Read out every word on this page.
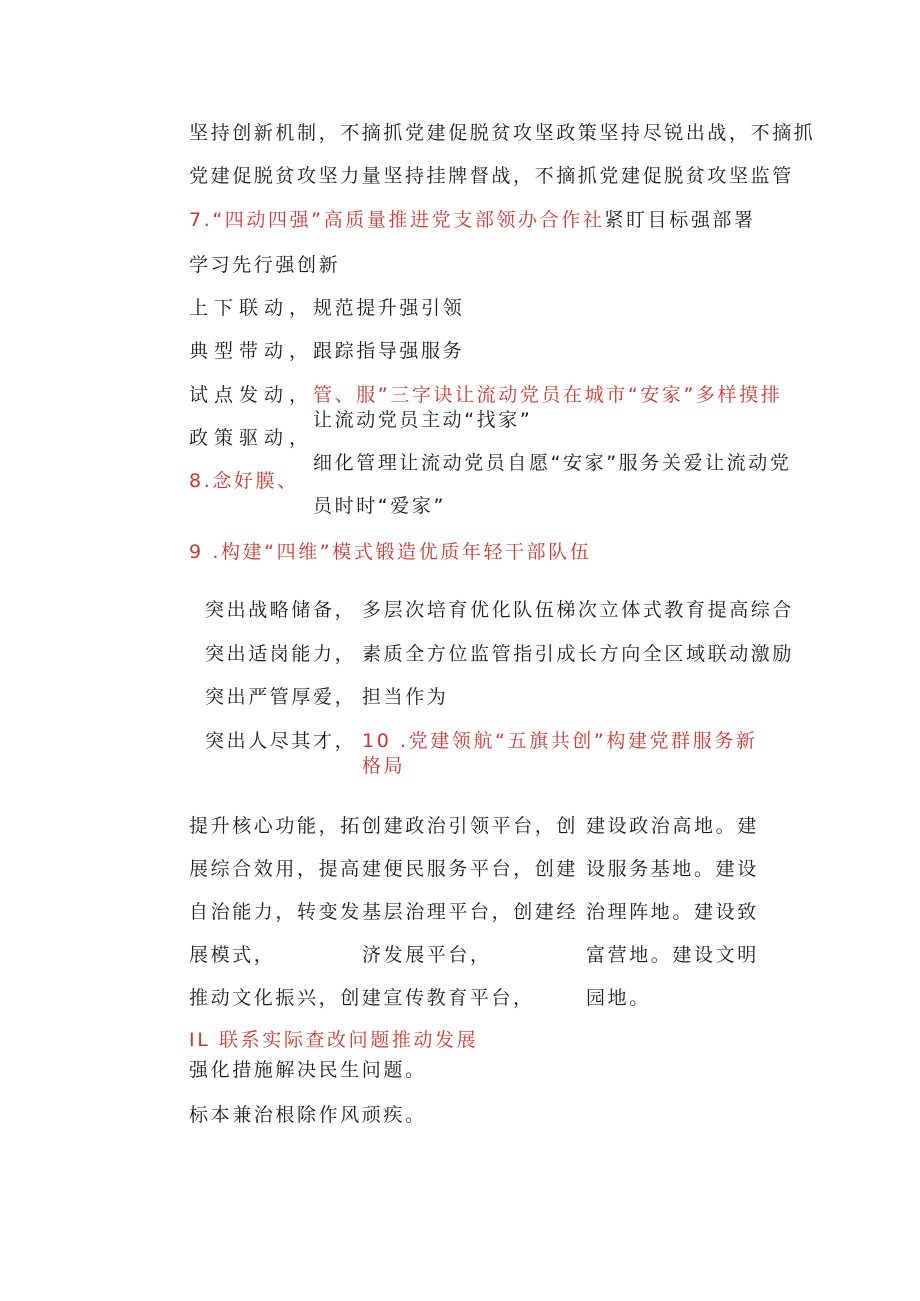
坚持创新机制，不摘抓党建促脱贫攻坚政策坚持尽锐出战，不摘抓

党建促脱贫攻坚力量坚持挂牌督战，不摘抓党建促脱贫攻坚监管

7.“四动四强”高质量推进党支部领办合作社紧盯目标强部署

学习先行强创新

上下联动，

规范提升强引领

典型带动，

跟踪指导强服务

试点发动，

政策驱动，

管、服”三字诀让流动党员在城市“安家”多样摸排

让流动党员主动“找家”

8.念好膜、

细化管理让流动党员自愿“安家”服务关爱让流动党

员时时“爱家”

9 .构建“四维”模式锻造优质年轻干部队伍

突出战略储备，

突出适岗能力，

突出严管厚爱，

突出人尽其才，

多层次培育优化队伍梯次立体式教育提高综合

素质全方位监管指引成长方向全区域联动激励

担当作为

10 .党建领航“五旗共创”构建党群服务新

格局

提升核心功能，拓

展综合效用，提高

自治能力，转变发

展模式，

创建政治引领平台，创

建便民服务平台，创建

基层治理平台，创建经

济发展平台，

建设政治高地。建

设服务基地。建设

治理阵地。建设致

富营地。建设文明

园地。

推动文化振兴，创建宣传教育平台，

IL 联系实际查改问题推动发展

强化措施解决民生问题。

标本兼治根除作风顽疾。
